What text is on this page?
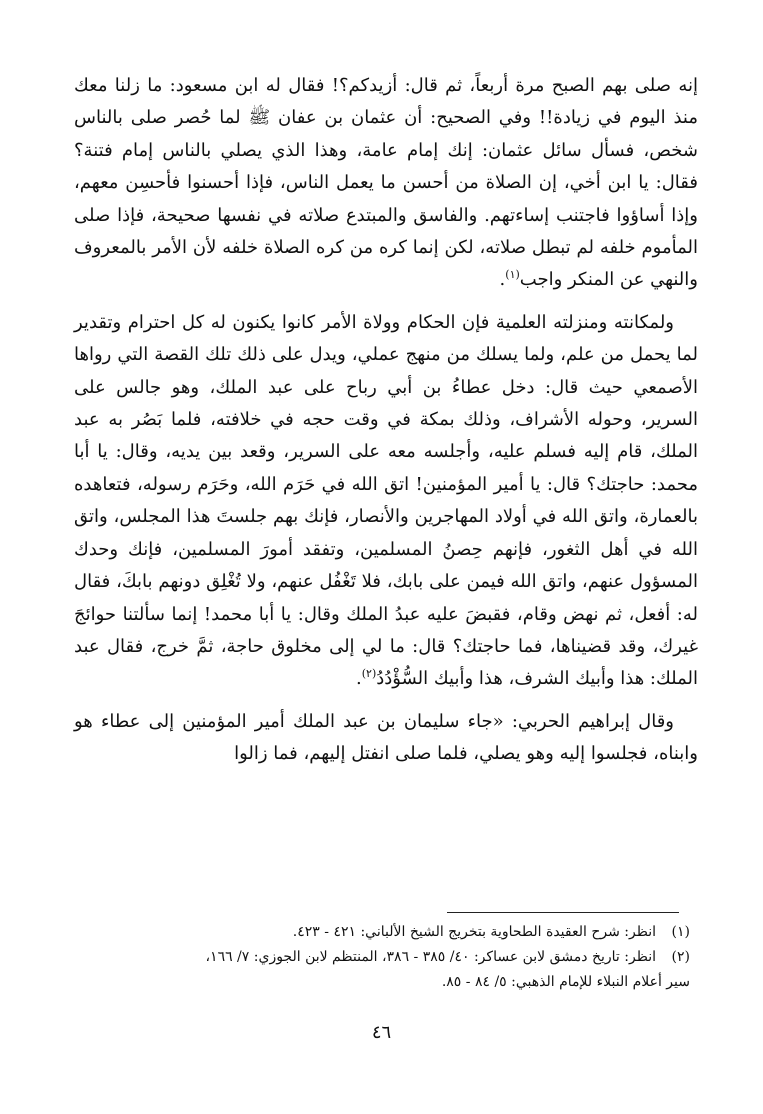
إنه صلى بهم الصبح مرة أربعاً، ثم قال: أزيدكم؟! فقال له ابن مسعود: ما زلنا معك منذ اليوم في زيادة!! وفي الصحيح: أن عثمان بن عفان ﷺ لما حُصر صلى بالناس شخص، فسأل سائل عثمان: إنك إمام عامة، وهذا الذي يصلي بالناس إمام فتنة؟ فقال: يا ابن أخي، إن الصلاة من أحسن ما يعمل الناس، فإذا أحسنوا فأحسِن معهم، وإذا أساؤوا فاجتنب إساءتهم. والفاسق والمبتدع صلاته في نفسها صحيحة، فإذا صلى المأموم خلفه لم تبطل صلاته، لكن إنما كره من كره الصلاة خلفه لأن الأمر بالمعروف والنهي عن المنكر واجب$^{(١)}$.

ولمكانته ومنزلته العلمية فإن الحكام وولاة الأمر كانوا يكنون له كل احترام وتقدير لما يحمل من علم، ولما يسلك من منهج عملي، ويدل على ذلك تلك القصة التي رواها الأصمعي حيث قال: دخل عطاءُ بن أبي رباح على عبد الملك، وهو جالس على السرير، وحوله الأشراف، وذلك بمكة في وقت حجه في خلافته، فلما بَصُر به عبد الملك، قام إليه فسلم عليه، وأجلسه معه على السرير، وقعد بين يديه، وقال: يا أبا محمد: حاجتك؟ قال: يا أمير المؤمنين! اتق الله في حَرَم الله، وحَرَم رسوله، فتعاهده بالعمارة، واتق الله في أولاد المهاجرين والأنصار، فإنك بهم جلستَ هذا المجلس، واتق الله في أهل الثغور، فإنهم حِصنُ المسلمين، وتفقد أمورَ المسلمين، فإنك وحدك المسؤول عنهم، واتق الله فيمن على بابك، فلا تَغْفُل عنهم، ولا تُغْلِق دونهم بابكَ، فقال له: أفعل، ثم نهض وقام، فقبضَ عليه عبدُ الملك وقال: يا أبا محمد! إنما سألتنا حوائجَ غيرك، وقد قضيناها، فما حاجتك؟ قال: ما لي إلى مخلوق حاجة، ثمَّ خرج، فقال عبد الملك: هذا وأبيك الشرف، هذا وأبيك السُّؤْدُدُ$^{(٢)}$.

وقال إبراهيم الحربي: «جاء سليمان بن عبد الملك أمير المؤمنين إلى عطاء هو وابناه، فجلسوا إليه وهو يصلي، فلما صلى انفتل إليهم، فما زالوا

(١)انظر: شرح العقيدة الطحاوية بتخريج الشيخ الألباني: ٤٢١ - ٤٢٣.

(٢)انظر: تاريخ دمشق لابن عساكر: ٤٠/ ٣٨٥ - ٣٨٦، المنتظم لابن الجوزي: ٧/ ١٦٦،

سير أعلام النبلاء للإمام الذهبي: ٥/ ٨٤ - ٨٥.

٤٦
